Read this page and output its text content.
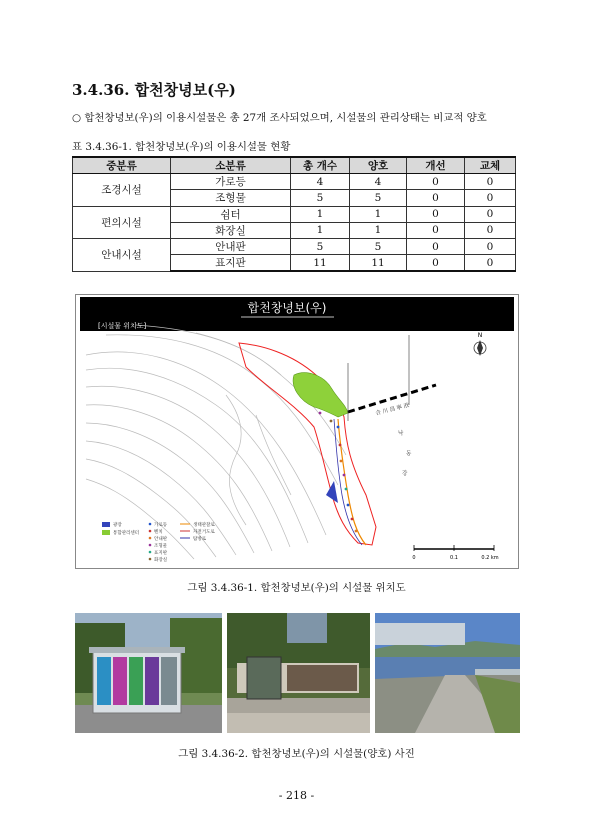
3.4.36. 합천창녕보(우)
○ 합천창녕보(우)의 이용시설물은 총 27개 조사되었으며, 시설물의 관리상태는 비교적 양호
표 3.4.36-1. 합천창녕보(우)의 이용시설물 현황
중분류	소분류	총 개수	양호	개선	교체
조경시설	가로등	4	4	0	0
	조형물	5	5	0	0
편의시설	쉼터	1	1	0	0
	화장실	1	1	0	0
안내시설	안내판	5	5	0	0
	표지판	11	11	0	0
합천창녕보(우)
[시설물 위치도]
合 川 昌 寧 洑
낙
동
강
N
광장
통합관리센터
가로등
벤치
안내판
조형물
표지판
화장실
생태관찰로
자전거도로
탐방로
0	0.1	0.2 km
그림 3.4.36-1. 합천창녕보(우)의 시설물 위치도
그림 3.4.36-2. 합천창녕보(우)의 시설물(양호) 사진
- 218 -
